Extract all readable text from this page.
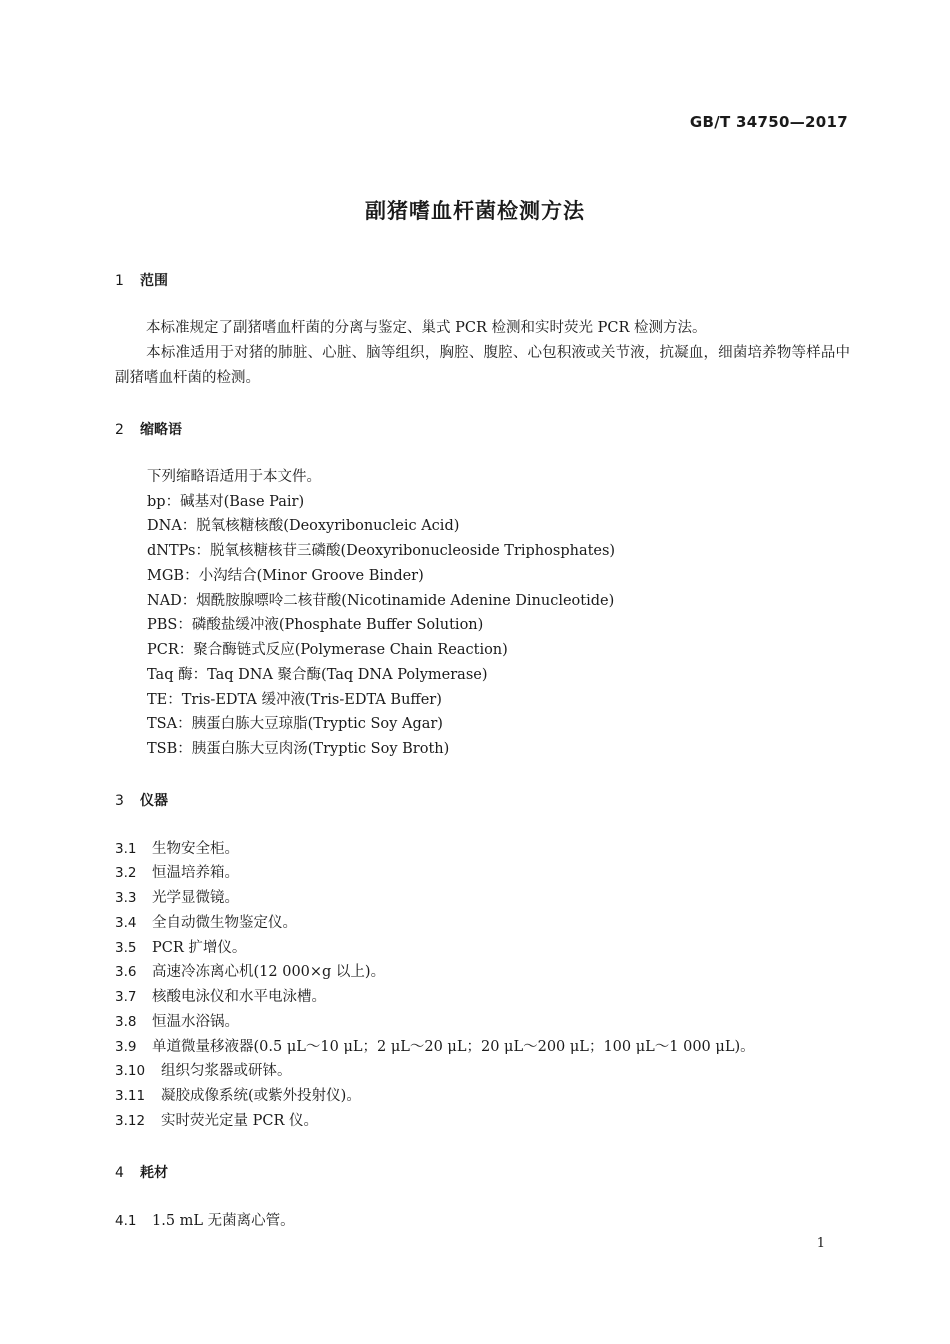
GB/T 34750—2017
副猪嗜血杆菌检测方法
1 范围
本标准规定了副猪嗜血杆菌的分离与鉴定、巢式 PCR 检测和实时荧光 PCR 检测方法。
本标准适用于对猪的肺脏、心脏、脑等组织，胸腔、腹腔、心包积液或关节液，抗凝血，细菌培养物等样品中副猪嗜血杆菌的检测。
2 缩略语
下列缩略语适用于本文件。
bp：碱基对(Base Pair)
DNA：脱氧核糖核酸(Deoxyribonucleic Acid)
dNTPs：脱氧核糖核苷三磷酸(Deoxyribonucleoside Triphosphates)
MGB：小沟结合(Minor Groove Binder)
NAD：烟酰胺腺嘌呤二核苷酸(Nicotinamide Adenine Dinucleotide)
PBS：磷酸盐缓冲液(Phosphate Buffer Solution)
PCR：聚合酶链式反应(Polymerase Chain Reaction)
Taq 酶：Taq DNA 聚合酶(Taq DNA Polymerase)
TE：Tris-EDTA 缓冲液(Tris-EDTA Buffer)
TSA：胰蛋白胨大豆琼脂(Tryptic Soy Agar)
TSB：胰蛋白胨大豆肉汤(Tryptic Soy Broth)
3 仪器
3.1 生物安全柜。
3.2 恒温培养箱。
3.3 光学显微镜。
3.4 全自动微生物鉴定仪。
3.5 PCR 扩增仪。
3.6 高速冷冻离心机(12 000×g 以上)。
3.7 核酸电泳仪和水平电泳槽。
3.8 恒温水浴锅。
3.9 单道微量移液器(0.5 μL～10 μL；2 μL～20 μL；20 μL～200 μL；100 μL～1 000 μL)。
3.10 组织匀浆器或研钵。
3.11 凝胶成像系统(或紫外投射仪)。
3.12 实时荧光定量 PCR 仪。
4 耗材
4.1 1.5 mL 无菌离心管。
1
